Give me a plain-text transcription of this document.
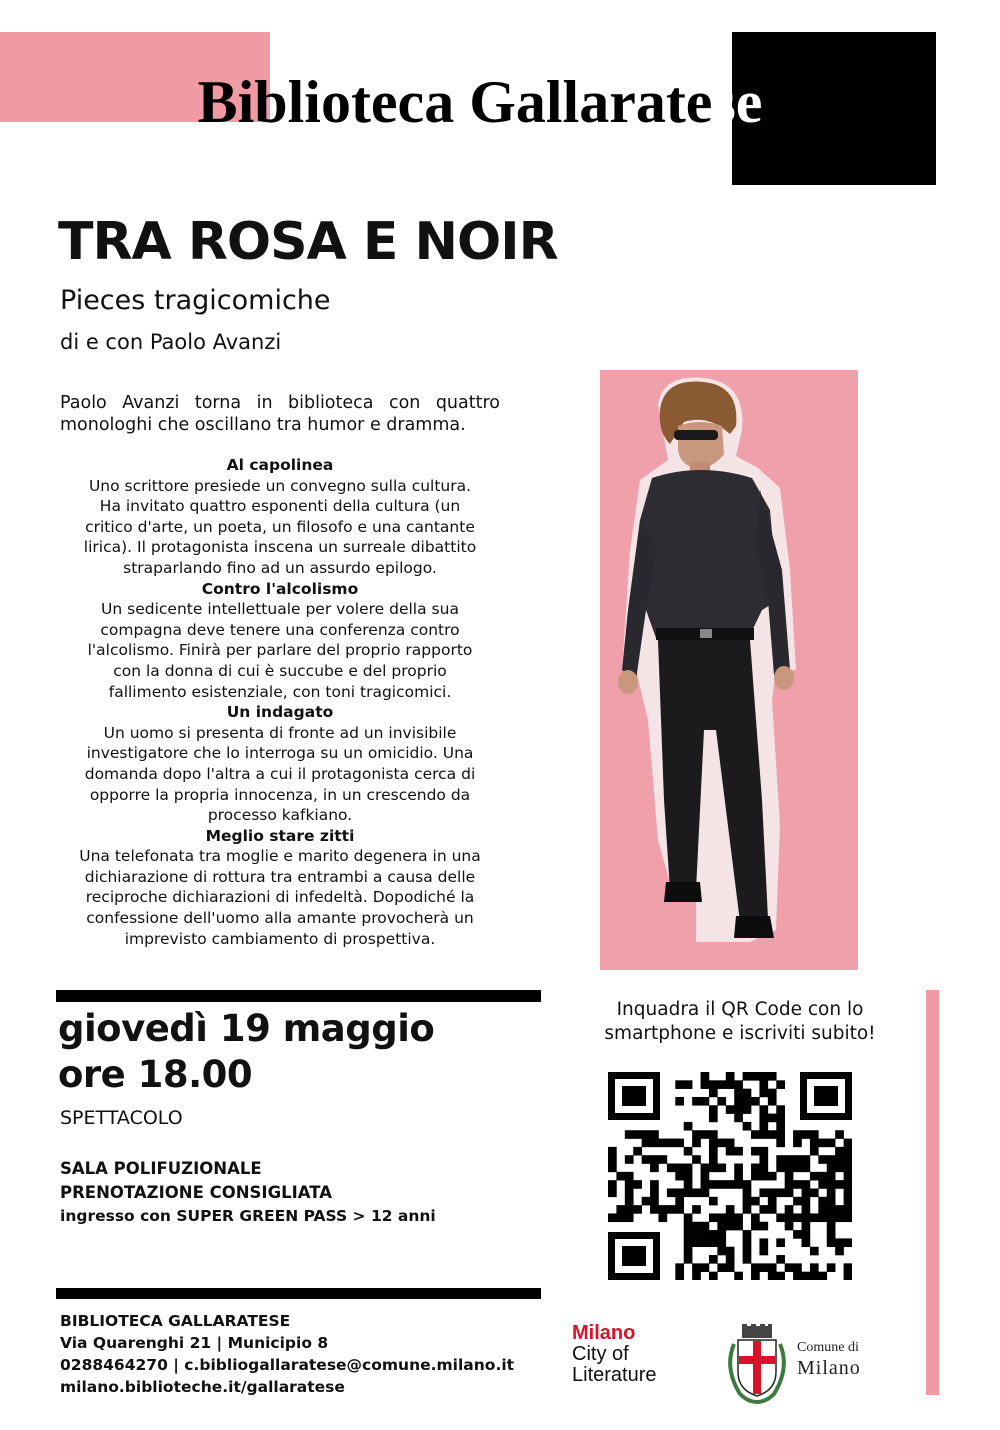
Biblioteca Gallaratese
TRA ROSA E NOIR
Pieces tragicomiche
di e con Paolo Avanzi
Paolo Avanzi torna in biblioteca con quattro monologhi che oscillano tra humor e dramma.
Al capolinea
Uno scrittore presiede un convegno sulla cultura.
Ha invitato quattro esponenti della cultura (un
critico d'arte, un poeta, un filosofo e una cantante
lirica). Il protagonista inscena un surreale dibattito
straparlando fino ad un assurdo epilogo.
Contro l'alcolismo
Un sedicente intellettuale per volere della sua
compagna deve tenere una conferenza contro
l'alcolismo. Finirà per parlare del proprio rapporto
con la donna di cui è succube e del proprio
fallimento esistenziale, con toni tragicomici.
Un indagato
Un uomo si presenta di fronte ad un invisibile
investigatore che lo interroga su un omicidio. Una
domanda dopo l'altra a cui il protagonista cerca di
opporre la propria innocenza, in un crescendo da
processo kafkiano.
Meglio stare zitti
Una telefonata tra moglie e marito degenera in una
dichiarazione di rottura tra entrambi a causa delle
reciproche dichiarazioni di infedeltà. Dopodiché la
confessione dell'uomo alla amante provocherà un
imprevisto cambiamento di prospettiva.
giovedì 19 maggio
ore 18.00
SPETTACOLO
SALA POLIFUZIONALE
PRENOTAZIONE CONSIGLIATA
ingresso con SUPER GREEN PASS > 12 anni
BIBLIOTECA GALLARATESE
Via Quarenghi 21 | Municipio 8
0288464270 | c.bibliogallaratese@comune.milano.it
milano.biblioteche.it/gallaratese
Inquadra il QR Code con lo
smartphone e iscriviti subito!
Milano
City of
Literature
Comune di
Milano
